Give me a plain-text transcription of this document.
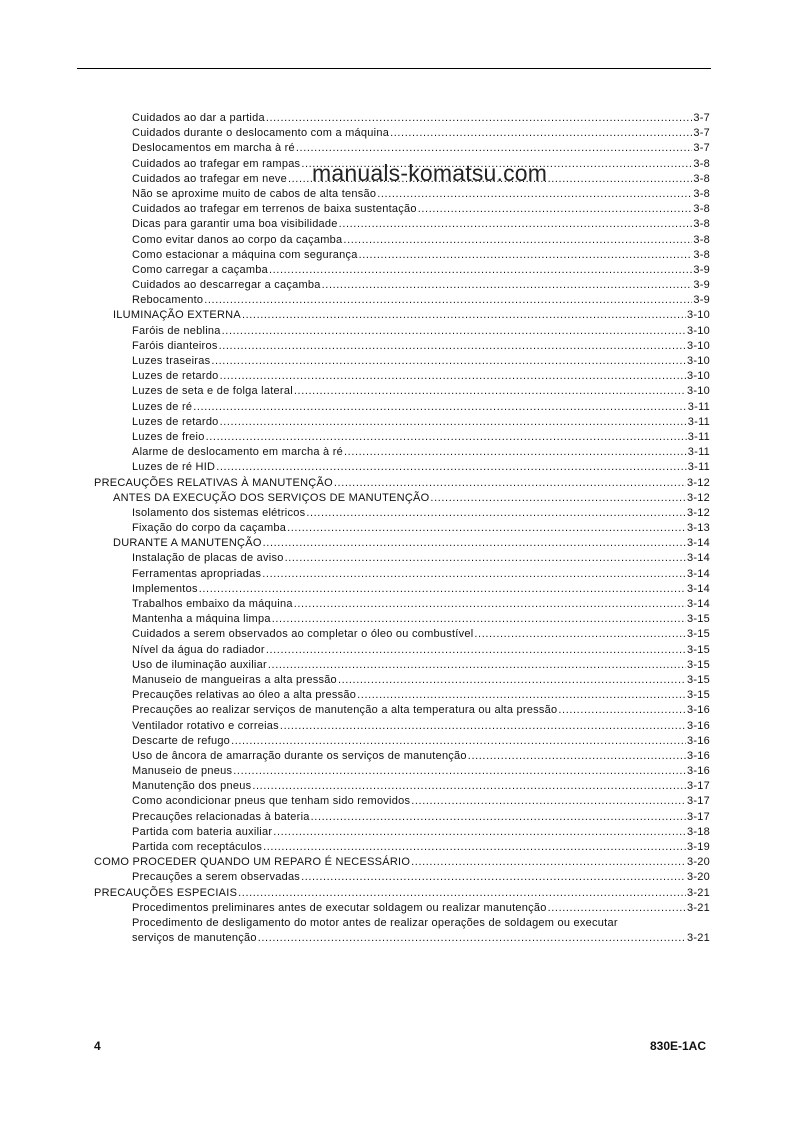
Cuidados ao dar a partida .....	3-7
Cuidados durante o deslocamento com a máquina .....	3-7
Deslocamentos em marcha à ré .....	3-7
Cuidados ao trafegar em rampas .....	3-8
Cuidados ao trafegar em neve .....	3-8
Não se aproxime muito de cabos de alta tensão .....	3-8
Cuidados ao trafegar em terrenos de baixa sustentação .....	3-8
Dicas para garantir uma boa visibilidade .....	3-8
Como evitar danos ao corpo da caçamba .....	3-8
Como estacionar a máquina com segurança .....	3-8
Como carregar a caçamba .....	3-9
Cuidados ao descarregar a caçamba .....	3-9
Rebocamento .....	3-9
ILUMINAÇÃO EXTERNA .....	3-10
Faróis de neblina .....	3-10
Faróis dianteiros .....	3-10
Luzes traseiras .....	3-10
Luzes de retardo .....	3-10
Luzes de seta e de folga lateral .....	3-10
Luzes de ré .....	3-11
Luzes de retardo .....	3-11
Luzes de freio .....	3-11
Alarme de deslocamento em marcha à ré .....	3-11
Luzes de ré HID .....	3-11
PRECAUÇÕES RELATIVAS À MANUTENÇÃO .....	3-12
ANTES DA EXECUÇÃO DOS SERVIÇOS DE MANUTENÇÃO .....	3-12
Isolamento dos sistemas elétricos .....	3-12
Fixação do corpo da caçamba .....	3-13
DURANTE A MANUTENÇÃO .....	3-14
Instalação de placas de aviso .....	3-14
Ferramentas apropriadas .....	3-14
Implementos .....	3-14
Trabalhos embaixo da máquina .....	3-14
Mantenha a máquina limpa .....	3-15
Cuidados a serem observados ao completar o óleo ou combustível .....	3-15
Nível da água do radiador .....	3-15
Uso de iluminação auxiliar .....	3-15
Manuseio de mangueiras a alta pressão .....	3-15
Precauções relativas ao óleo a alta pressão .....	3-15
Precauções ao realizar serviços de manutenção a alta temperatura ou alta pressão .....	3-16
Ventilador rotativo e correias .....	3-16
Descarte de refugo .....	3-16
Uso de âncora de amarração durante os serviços de manutenção .....	3-16
Manuseio de pneus .....	3-16
Manutenção dos pneus .....	3-17
Como acondicionar pneus que tenham sido removidos .....	3-17
Precauções relacionadas à bateria .....	3-17
Partida com bateria auxiliar .....	3-18
Partida com receptáculos .....	3-19
COMO PROCEDER QUANDO UM REPARO É NECESSÁRIO .....	3-20
Precauções a serem observadas .....	3-20
PRECAUÇÕES ESPECIAIS .....	3-21
Procedimentos preliminares antes de executar soldagem ou realizar manutenção .....	3-21
Procedimento de desligamento do motor antes de realizar operações de soldagem ou executar
serviços de manutenção .....	3-21
manuals-komatsu.com
4	830E-1AC
